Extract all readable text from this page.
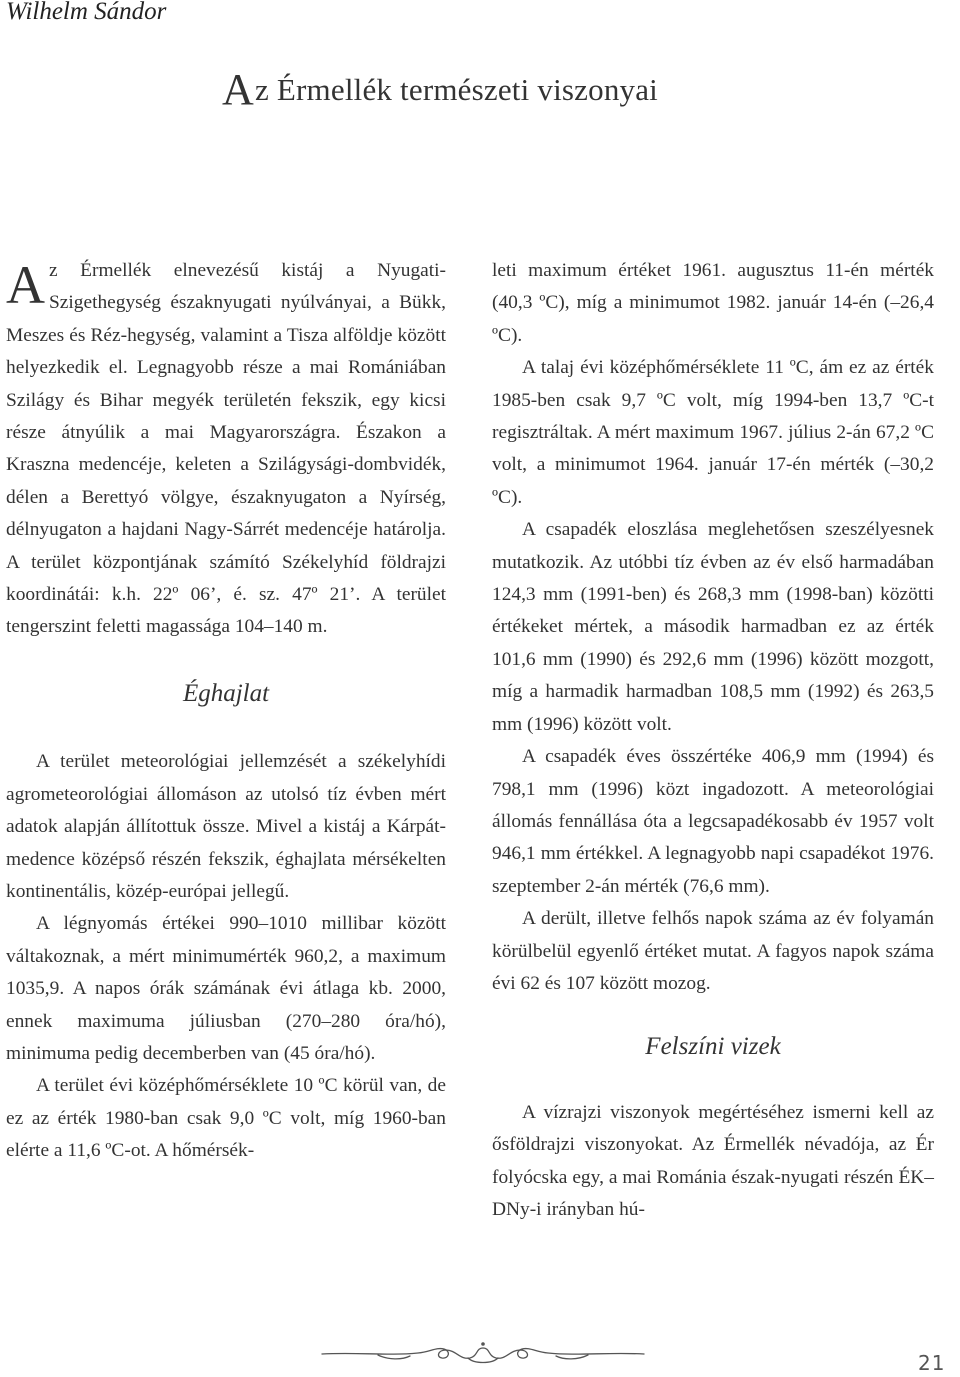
Wilhelm Sándor
Az Érmellék természeti viszonyai

Az Érmellék elnevezésű kistáj a Nyugati-Szigethegység északnyugati nyúlványai, a Bükk, Meszes és Réz-hegység, valamint a Tisza alföldje között helyezkedik el. Legnagyobb része a mai Romániában Szilágy és Bihar megyék területén fekszik, egy kicsi része átnyúlik a mai Magyarországra. Északon a Kraszna medencéje, keleten a Szilágysági-dombvidék, délen a Berettyó völgye, északnyugaton a Nyírség, délnyugaton a hajdani Nagy-Sárrét medencéje határolja. A terület központjának számító Székelyhíd földrajzi koordinátái: k.h. 22º 06’, é. sz. 47º 21’. A terület tengerszint feletti magassága 104–140 m.

Éghajlat

A terület meteorológiai jellemzését a székelyhídi agrometeorológiai állomáson az utolsó tíz évben mért adatok alapján állítottuk össze. Mivel a kistáj a Kárpát-medence középső részén fekszik, éghajlata mérsékelten kontinentális, közép-európai jellegű.

A légnyomás értékei 990–1010 millibar között váltakoznak, a mért minimumérték 960,2, a maximum 1035,9. A napos órák számának évi átlaga kb. 2000, ennek maximuma júliusban (270–280 óra/hó), minimuma pedig decemberben van (45 óra/hó).

A terület évi középhőmérséklete 10 ºC körül van, de ez az érték 1980-ban csak 9,0 ºC volt, míg 1960-ban elérte a 11,6 ºC-ot. A hőmérsék-

leti maximum értéket 1961. augusztus 11-én mérték (40,3 ºC), míg a minimumot 1982. január 14-én (–26,4 ºC).

A talaj évi középhőmérséklete 11 ºC, ám ez az érték 1985-ben csak 9,7 ºC volt, míg 1994-ben 13,7 ºC-t regisztráltak. A mért maximum 1967. július 2-án 67,2 ºC volt, a minimumot 1964. január 17-én mérték (–30,2 ºC).

A csapadék eloszlása meglehetősen szeszélyesnek mutatkozik. Az utóbbi tíz évben az év első harmadában 124,3 mm (1991-ben) és 268,3 mm (1998-ban) közötti értékeket mértek, a második harmadban ez az érték 101,6 mm (1990) és 292,6 mm (1996) között mozgott, míg a harmadik harmadban 108,5 mm (1992) és 263,5 mm (1996) között volt.

A csapadék éves összértéke 406,9 mm (1994) és 798,1 mm (1996) közt ingadozott. A meteorológiai állomás fennállása óta a legcsapadékosabb év 1957 volt 946,1 mm értékkel. A legnagyobb napi csapadékot 1976. szeptember 2-án mérték (76,6 mm).

A derült, illetve felhős napok száma az év folyamán körülbelül egyenlő értéket mutat. A fagyos napok száma évi 62 és 107 között mozog.

Felszíni vizek

A vízrajzi viszonyok megértéséhez ismerni kell az ősföldrajzi viszonyokat. Az Érmellék névadója, az Ér folyócska egy, a mai Románia észak-nyugati részén ÉK–DNy-i irányban hú-

21
